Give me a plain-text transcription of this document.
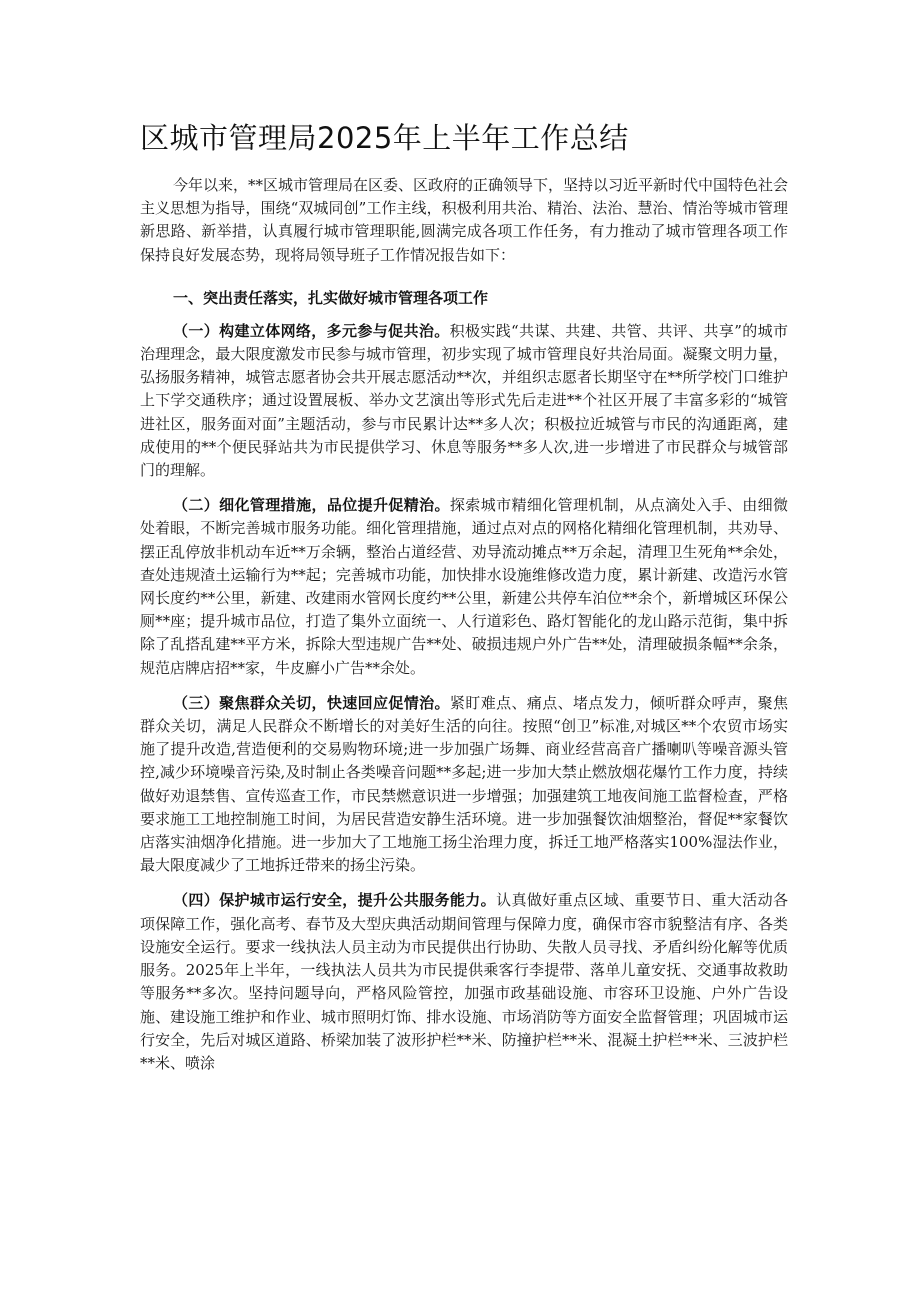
区城市管理局2025年上半年工作总结

今年以来，**区城市管理局在区委、区政府的正确领导下，坚持以习近平新时代中国特色社会主义思想为指导，围绕“双城同创”工作主线，积极利用共治、精治、法治、慧治、情治等城市管理新思路、新举措，认真履行城市管理职能,圆满完成各项工作任务，有力推动了城市管理各项工作保持良好发展态势，现将局领导班子工作情况报告如下：

一、突出责任落实，扎实做好城市管理各项工作

（一）构建立体网络，多元参与促共治。积极实践“共谋、共建、共管、共评、共享”的城市治理理念，最大限度激发市民参与城市管理，初步实现了城市管理良好共治局面。凝聚文明力量，弘扬服务精神，城管志愿者协会共开展志愿活动**次，并组织志愿者长期坚守在**所学校门口维护上下学交通秩序；通过设置展板、举办文艺演出等形式先后走进**个社区开展了丰富多彩的“城管进社区，服务面对面”主题活动，参与市民累计达**多人次；积极拉近城管与市民的沟通距离，建成使用的**个便民驿站共为市民提供学习、休息等服务**多人次,进一步增进了市民群众与城管部门的理解。

（二）细化管理措施，品位提升促精治。探索城市精细化管理机制，从点滴处入手、由细微处着眼，不断完善城市服务功能。细化管理措施，通过点对点的网格化精细化管理机制，共劝导、摆正乱停放非机动车近**万余辆，整治占道经营、劝导流动摊点**万余起，清理卫生死角**余处，查处违规渣土运输行为**起；完善城市功能，加快排水设施维修改造力度，累计新建、改造污水管网长度约**公里，新建、改建雨水管网长度约**公里，新建公共停车泊位**余个，新增城区环保公厕**座；提升城市品位，打造了集外立面统一、人行道彩色、路灯智能化的龙山路示范街，集中拆除了乱搭乱建**平方米，拆除大型违规广告**处、破损违规户外广告**处，清理破损条幅**余条，规范店牌店招**家，牛皮廯小广告**余处。

（三）聚焦群众关切，快速回应促情治。紧盯难点、痛点、堵点发力，倾听群众呼声，聚焦群众关切，满足人民群众不断增长的对美好生活的向往。按照“创卫”标准,对城区**个农贸市场实施了提升改造,营造便利的交易购物环境;进一步加强广场舞、商业经营高音广播喇叭等噪音源头管控,减少环境噪音污染,及时制止各类噪音问题**多起;进一步加大禁止燃放烟花爆竹工作力度，持续做好劝退禁售、宣传巡查工作，市民禁燃意识进一步增强；加强建筑工地夜间施工监督检查，严格要求施工工地控制施工时间，为居民营造安静生活环境。进一步加强餐饮油烟整治，督促**家餐饮店落实油烟净化措施。进一步加大了工地施工扬尘治理力度，拆迁工地严格落实100%湿法作业，最大限度减少了工地拆迁带来的扬尘污染。

（四）保护城市运行安全，提升公共服务能力。认真做好重点区域、重要节日、重大活动各项保障工作，强化高考、春节及大型庆典活动期间管理与保障力度，确保市容市貌整洁有序、各类设施安全运行。要求一线执法人员主动为市民提供出行协助、失散人员寻找、矛盾纠纷化解等优质服务。2025年上半年，一线执法人员共为市民提供乘客行李提带、落单儿童安抚、交通事故救助等服务**多次。坚持问题导向，严格风险管控，加强市政基础设施、市容环卫设施、户外广告设施、建设施工维护和作业、城市照明灯饰、排水设施、市场消防等方面安全监督管理；巩固城市运行安全，先后对城区道路、桥梁加装了波形护栏**米、防撞护栏**米、混凝土护栏**米、三波护栏**米、喷涂
